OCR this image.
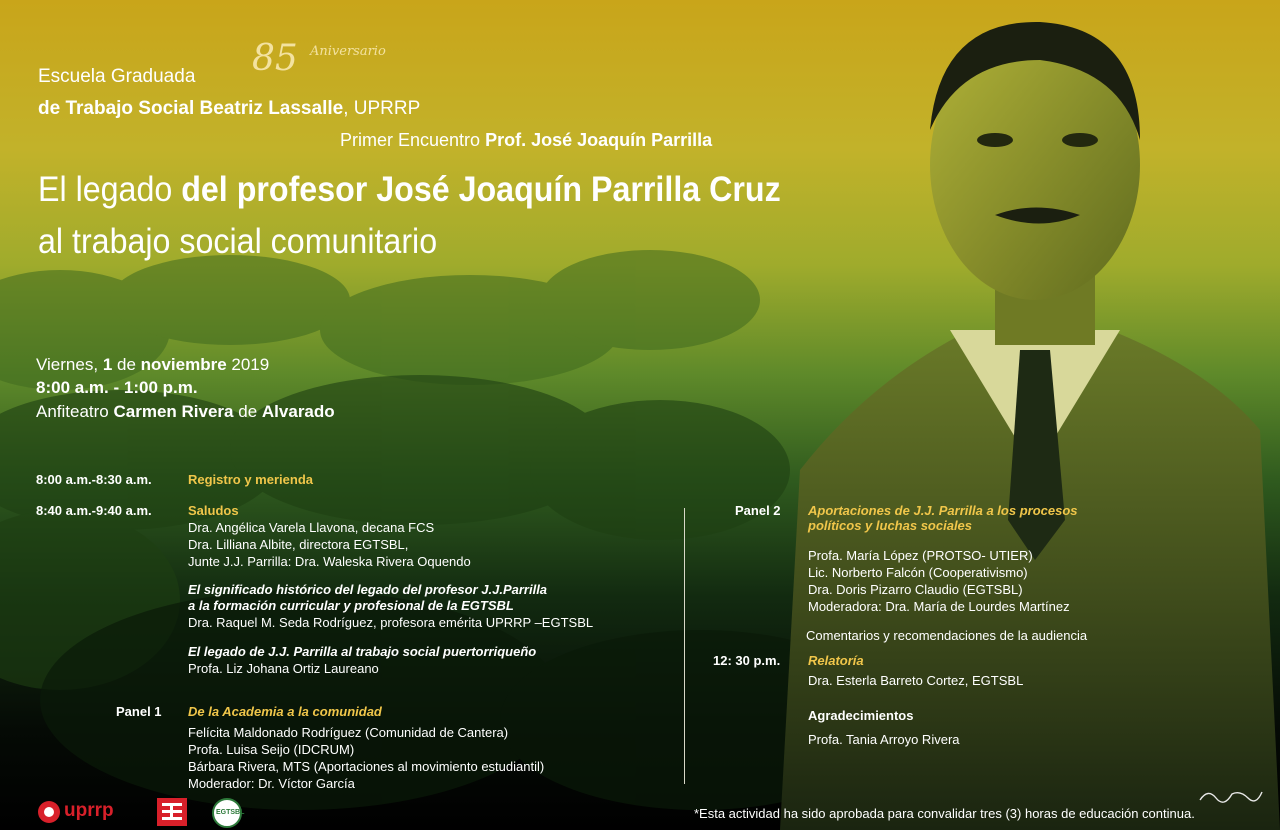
Escuela Graduada 85 Aniversario
de Trabajo Social Beatriz Lassalle, UPRRP
Primer Encuentro Prof. José Joaquín Parrilla
El legado del profesor José Joaquín Parrilla Cruz
al trabajo social comunitario
Viernes, 1 de noviembre 2019
8:00 a.m. - 1:00 p.m.
Anfiteatro Carmen Rivera de Alvarado
8:00 a.m.-8:30 a.m.	Registro y merienda
8:40 a.m.-9:40 a.m.	Saludos
Dra. Angélica Varela Llavona, decana FCS
Dra. Lilliana Albite, directora EGTSBL,
Junte J.J. Parrilla: Dra. Waleska Rivera Oquendo
El significado histórico del legado del profesor J.J.Parrilla
a la formación curricular y profesional de la EGTSBL
Dra. Raquel M. Seda Rodríguez, profesora emérita UPRRP –EGTSBL
El legado de J.J. Parrilla al trabajo social puertorriqueño
Profa. Liz Johana Ortiz Laureano
Panel 1 De la Academia a la comunidad
Felícita Maldonado Rodríguez (Comunidad de Cantera)
Profa. Luisa Seijo (IDCRUM)
Bárbara Rivera, MTS (Aportaciones al movimiento estudiantil)
Moderador: Dr. Víctor García
Panel 2 Aportaciones de J.J. Parrilla a los procesos
políticos y luchas sociales
Profa. María López (PROTSO- UTIER)
Lic. Norberto Falcón (Cooperativismo)
Dra. Doris Pizarro Claudio (EGTSBL)
Moderadora: Dra. María de Lourdes Martínez
Comentarios y recomendaciones de la audiencia
12: 30 p.m. Relatoría
Dra. Esterla Barreto Cortez, EGTSBL
Agradecimientos
Profa. Tania Arroyo Rivera
*Esta actividad ha sido aprobada para convalidar tres (3) horas de educación continua.
uprrp	EGTSBL
